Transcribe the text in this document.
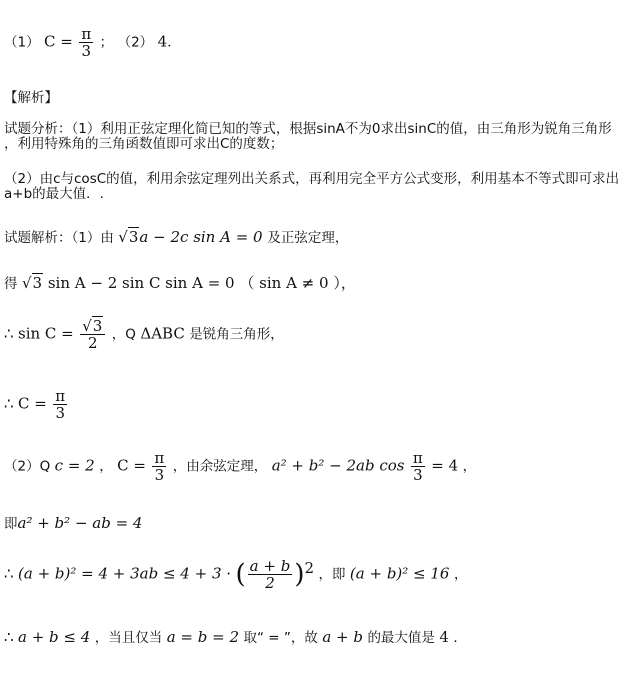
（1） $C = \frac{\pi}{3}$ ； （2） 4．
【解析】
试题分析：（1）利用正弦定理化简已知的等式，根据sinA不为0求出sinC的值，由三角形为锐角三角形
，利用特殊角的三角函数值即可求出C的度数；
（2）由c与cosC的值，利用余弦定理列出关系式，再利用完全平方公式变形，利用基本不等式即可求出
a+b的最大值．.
试题解析：（1）由 √3a − 2c sin A = 0 及正弦定理，
得 √3 sin A − 2 sin C sin A = 0 （ sin A ≠ 0 ），
∴ $\sin C = \frac{√3}{2}$ ，Q ΔABC 是锐角三角形，
∴ $C = \frac{\pi}{3}$
（2）Q c = 2 ， $C = \frac{\pi}{3}$ ，由余弦定理， a² + b² − 2ab $\cos \frac{\pi}{3} = 4$ ，
即a² + b² − ab = 4
∴ (a + b)² = 4 + 3ab ≤ 4 + 3 · ( $\frac{a + b}{2} )^2$ ，即 (a + b)² ≤ 16 ，
∴ a + b ≤ 4 ，当且仅当 a = b = 2 取“ = ”，故 a + b 的最大值是 4 ．
